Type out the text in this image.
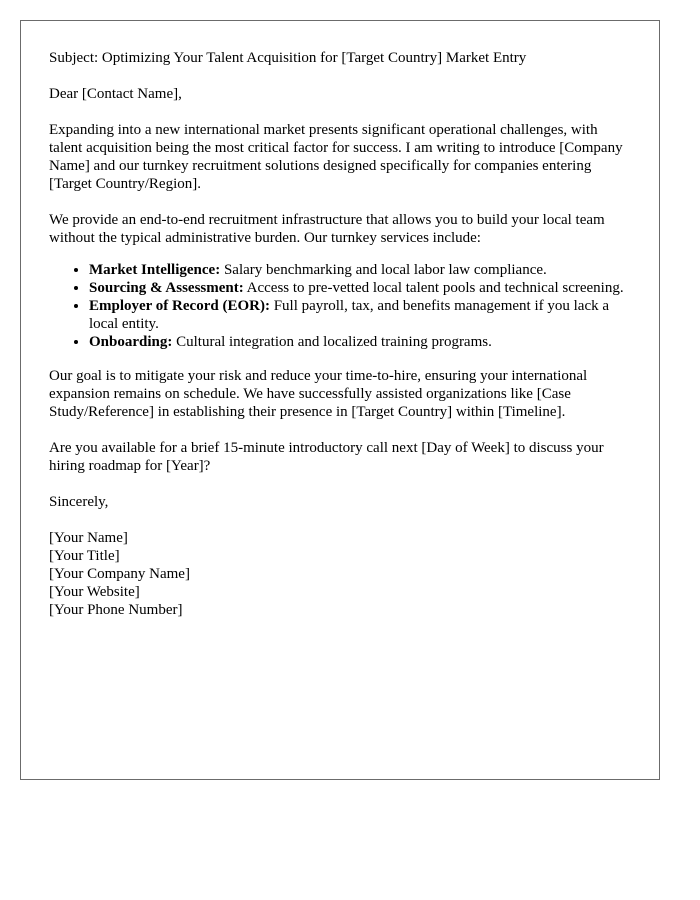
Subject: Optimizing Your Talent Acquisition for [Target Country] Market Entry

Dear [Contact Name],

Expanding into a new international market presents significant operational challenges, with talent acquisition being the most critical factor for success. I am writing to introduce [Company Name] and our turnkey recruitment solutions designed specifically for companies entering [Target Country/Region].

We provide an end-to-end recruitment infrastructure that allows you to build your local team without the typical administrative burden. Our turnkey services include:

• Market Intelligence: Salary benchmarking and local labor law compliance.
• Sourcing & Assessment: Access to pre-vetted local talent pools and technical screening.
• Employer of Record (EOR): Full payroll, tax, and benefits management if you lack a local entity.
• Onboarding: Cultural integration and localized training programs.

Our goal is to mitigate your risk and reduce your time-to-hire, ensuring your international expansion remains on schedule. We have successfully assisted organizations like [Case Study/Reference] in establishing their presence in [Target Country] within [Timeline].

Are you available for a brief 15-minute introductory call next [Day of Week] to discuss your hiring roadmap for [Year]?

Sincerely,

[Your Name]
[Your Title]
[Your Company Name]
[Your Website]
[Your Phone Number]
